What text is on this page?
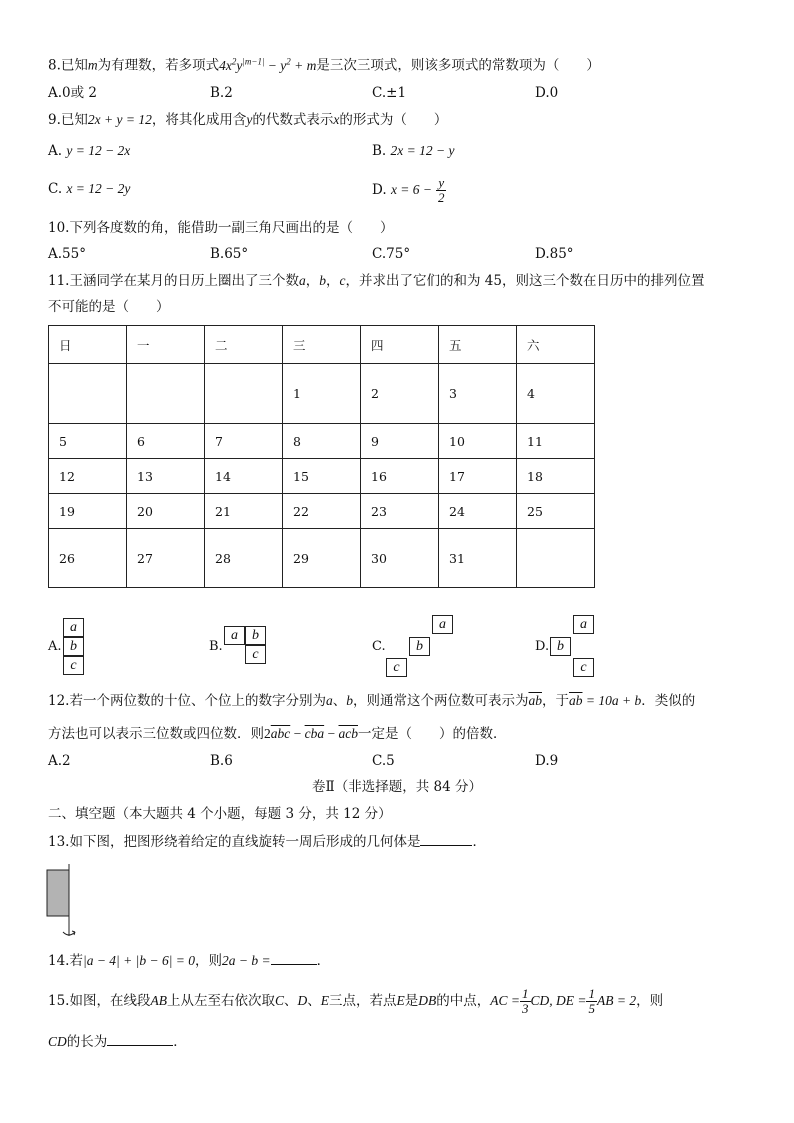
8.已知m为有理数，若多项式$4x^2y^{|m-1|} - y^2 + m$是三次三项式，则该多项式的常数项为（　　）
A.0或 2	B.2	C.±1	D.0
9.已知2x + y = 12，将其化成用含y的代数式表示x的形式为（　　）
A. y = 12 − 2x	B. 2x = 12 − y
C. x = 12 − 2y	D. $x = 6 - \frac{y}{2}$
10.下列各度数的角，能借助一副三角尺画出的是（　　）
A.55°	B.65°	C.75°	D.85°
11.王涵同学在某月的日历上圈出了三个数a，b，c，并求出了它们的和为 45，则这三个数在日历中的排列位置
不可能的是（　　）
日	一	二	三	四	五	六
			1	2	3	4
5	6	7	8	9	10	11
12	13	14	15	16	17	18
19	20	21	22	23	24	25
26	27	28	29	30	31	
A.
a
b
c
B.
a	b
c
C.
a
b
c
D.
a
b
c
12.若一个两位数的十位、个位上的数字分别为a、b，则通常这个两位数可表示为$\overline{ab}$，于$\overline{ab} = 10a + b$．类似的
方法也可以表示三位数或四位数．则$2\overline{abc} - \overline{cba} - \overline{acb}$一定是（　　）的倍数．
A.2	B.6	C.5	D.9
卷Ⅱ（非选择题，共 84 分）
二、填空题（本大题共 4 个小题，每题 3 分，共 12 分）
13.如下图，把图形绕着给定的直线旋转一周后形成的几何体是	．
14.若|a − 4| + |b − 6| = 0，则2a − b =	．
15.如图，在线段AB上从左至右依次取C、D、E三点，若点E是DB的中点，AC = $\frac{1}{3}$ CD, DE = $\frac{1}{5}$ AB = 2，则
CD的长为	．
